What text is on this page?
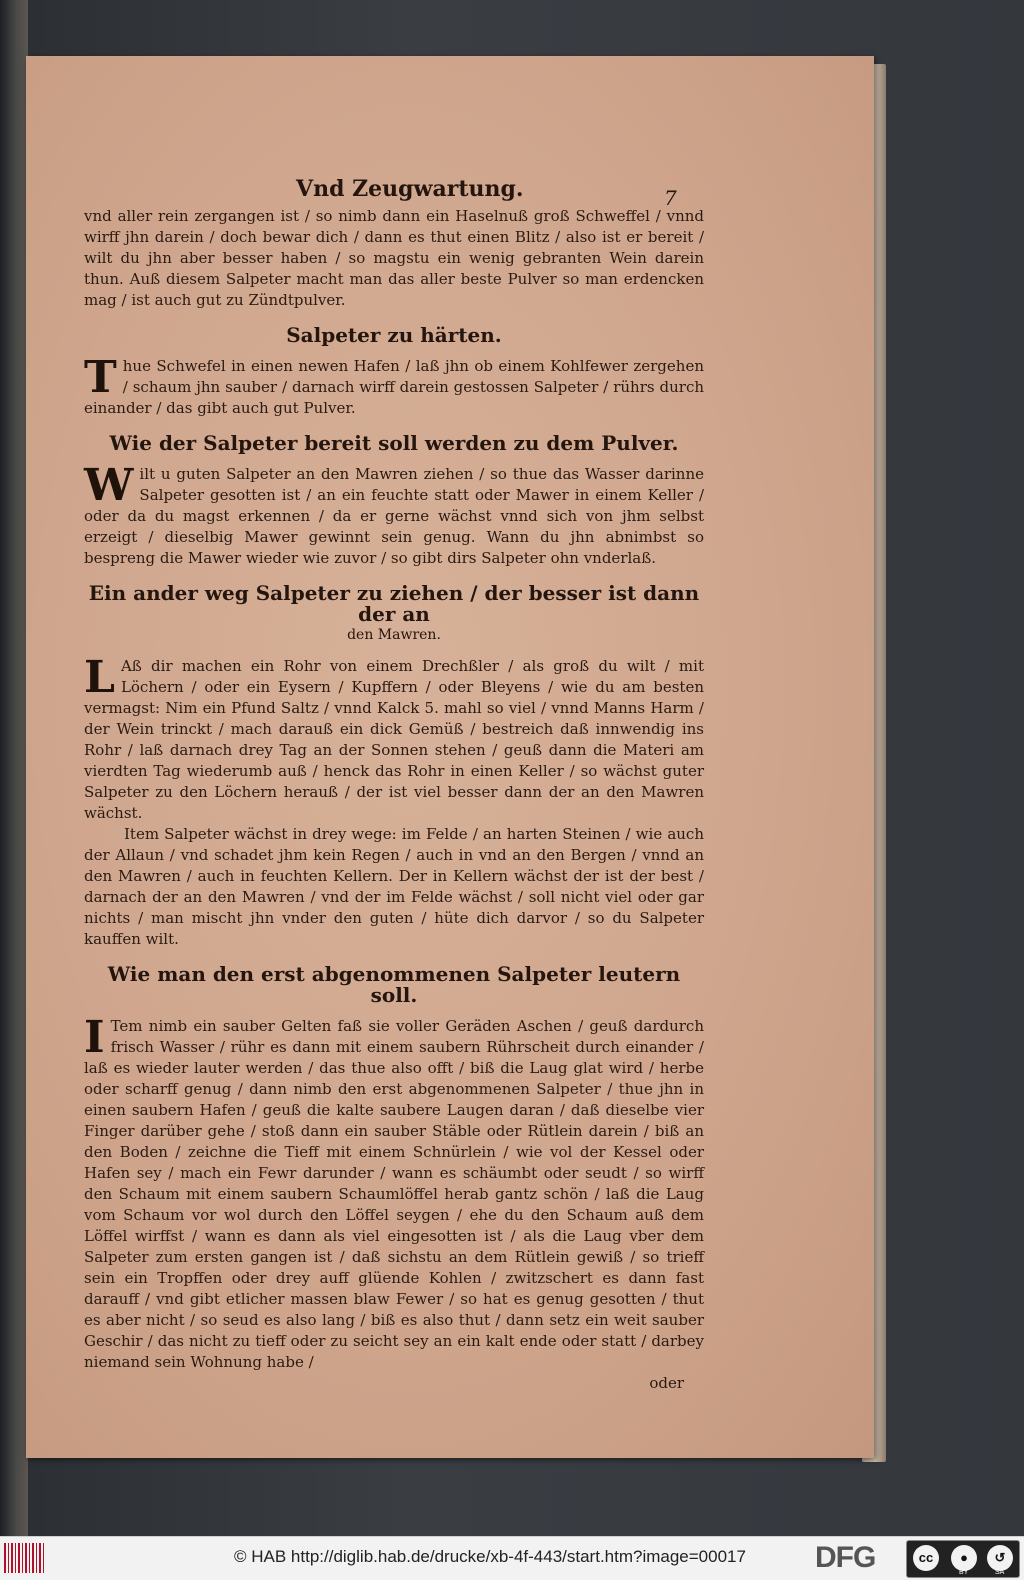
Vnd Zeugwartung.	7

vnd aller rein zergangen ist / so nimb dann ein Haselnuß groß Schweffel / vnnd wirff jhn darein / doch bewar dich / dann es thut einen Blitz / also ist er bereit / wilt du jhn aber besser haben / so magstu ein wenig gebranten Wein darein thun. Auß diesem Salpeter macht man das aller beste Pulver so man erdencken mag / ist auch gut zu Zündtpulver.

Salpeter zu härten.

Thue Schwefel in einen newen Hafen / laß jhn ob einem Kohlfewer zergehen / schaum jhn sauber / darnach wirff darein gestossen Salpeter / rührs durch einander / das gibt auch gut Pulver.

Wie der Salpeter bereit soll werden zu dem Pulver.

Wilt u guten Salpeter an den Mawren ziehen / so thue das Wasser darinne Salpeter gesotten ist / an ein feuchte statt oder Mawer in einem Keller / oder da du magst erkennen / da er gerne wächst vnnd sich von jhm selbst erzeigt / dieselbig Mawer gewinnt sein genug. Wann du jhn abnimbst so bespreng die Mawer wieder wie zuvor / so gibt dirs Salpeter ohn vnderlaß.

Ein ander weg Salpeter zu ziehen / der besser ist dann der an
den Mawren.

L Aß dir machen ein Rohr von einem Drechßler / als groß du wilt / mit Löchern / oder ein Eysern / Kupffern / oder Bleyens / wie du am besten vermagst: Nim ein Pfund Saltz / vnnd Kalck 5. mahl so viel / vnnd Manns Harm / der Wein trinckt / mach darauß ein dick Gemüß / bestreich daß innwendig ins Rohr / laß darnach drey Tag an der Sonnen stehen / geuß dann die Materi am vierdten Tag wiederumb auß / henck das Rohr in einen Keller / so wächst guter Salpeter zu den Löchern herauß / der ist viel besser dann der an den Mawren wächst.

Item Salpeter wächst in drey wege: im Felde / an harten Steinen / wie auch der Allaun / vnd schadet jhm kein Regen / auch in vnd an den Bergen / vnnd an den Mawren / auch in feuchten Kellern. Der in Kellern wächst der ist der best / darnach der an den Mawren / vnd der im Felde wächst / soll nicht viel oder gar nichts / man mischt jhn vnder den guten / hüte dich darvor / so du Salpeter kauffen wilt.

Wie man den erst abgenommenen Salpeter leutern soll.

I Tem nimb ein sauber Gelten faß sie voller Geräden Aschen / geuß dardurch frisch Wasser / rühr es dann mit einem saubern Rührscheit durch einander / laß es wieder lauter werden / das thue also offt / biß die Laug glat wird / herbe oder scharff genug / dann nimb den erst abgenommenen Salpeter / thue jhn in einen saubern Hafen / geuß die kalte saubere Laugen daran / daß dieselbe vier Finger darüber gehe / stoß dann ein sauber Stäble oder Rütlein darein / biß an den Boden / zeichne die Tieff mit einem Schnürlein / wie vol der Kessel oder Hafen sey / mach ein Fewr darunder / wann es schäumbt oder seudt / so wirff den Schaum mit einem saubern Schaumlöffel herab gantz schön / laß die Laug vom Schaum vor wol durch den Löffel seygen / ehe du den Schaum auß dem Löffel wirffst / wann es dann als viel eingesotten ist / als die Laug vber dem Salpeter zum ersten gangen ist / daß sichstu an dem Rütlein gewiß / so trieff sein ein Tropffen oder drey auff glüende Kohlen / zwitzschert es dann fast darauff / vnd gibt etlicher massen blaw Fewer / so hat es genug gesotten / thut es aber nicht / so seud es also lang / biß es also thut / dann setz ein weit sauber Geschir / das nicht zu tieff oder zu seicht sey an ein kalt ende oder statt / darbey niemand sein Wohnung habe /

oder
© HAB http://diglib.hab.de/drucke/xb-4f-443/start.htm?image=00017 DFG	cc	●	↺
BY	SA
